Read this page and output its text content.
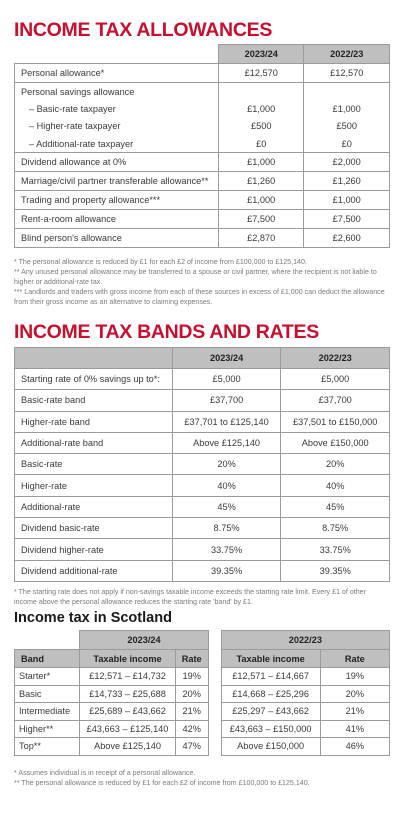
INCOME TAX ALLOWANCES
	2023/24	2022/23
Personal allowance*	£12,570	£12,570
Personal savings allowance		
– Basic-rate taxpayer	£1,000	£1,000
– Higher-rate taxpayer	£500	£500
– Additional-rate taxpayer	£0	£0
Dividend allowance at 0%	£1,000	£2,000
Marriage/civil partner transferable allowance**	£1,260	£1,260
Trading and property allowance***	£1,000	£1,000
Rent-a-room allowance	£7,500	£7,500
Blind person's allowance	£2,870	£2,600

* The personal allowance is reduced by £1 for each £2 of income from £100,000 to £125,140.

** Any unused personal allowance may be transferred to a spouse or civil partner, where the recipient is not liable to higher or additional-rate tax.

*** Landlords and traders with gross income from each of these sources in excess of £1,000 can deduct the allowance from their gross income as an alternative to claiming expenses.

INCOME TAX BANDS AND RATES
	2023/24	2022/23
Starting rate of 0% savings up to*:	£5,000	£5,000
Basic-rate band	£37,700	£37,700
Higher-rate band	£37,701 to £125,140	£37,501 to £150,000
Additional-rate band	Above £125,140	Above £150,000
Basic-rate	20%	20%
Higher-rate	40%	40%
Additional-rate	45%	45%
Dividend basic-rate	8.75%	8.75%
Dividend higher-rate	33.75%	33.75%
Dividend additional-rate	39.35%	39.35%

* The starting rate does not apply if non-savings taxable income exceeds the starting rate limit. Every £1 of other income above the personal allowance reduces the starting rate 'band' by £1.

Income tax in Scotland
	2023/24			2022/23	
Band	Taxable income	Rate		Taxable income	Rate
Starter*	£12,571 – £14,732	19%		£12,571 – £14,667	19%
Basic	£14,733 – £25,688	20%		£14,668 – £25,296	20%
Intermediate	£25,689 – £43,662	21%		£25,297 – £43,662	21%
Higher**	£43,663 – £125,140	42%		£43,663 – £150,000	41%
Top**	Above £125,140	47%		Above £150,000	46%

* Assumes individual is in receipt of a personal allowance.

** The personal allowance is reduced by £1 for each £2 of income from £100,000 to £125,140.
